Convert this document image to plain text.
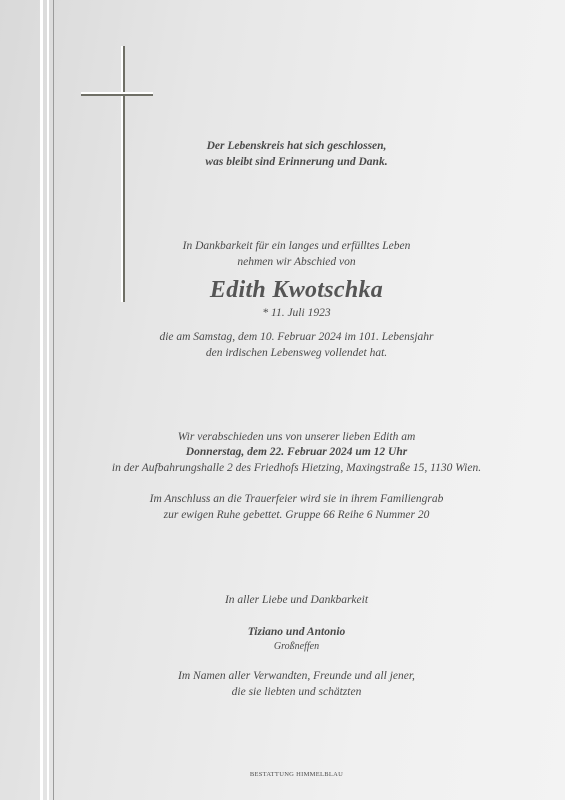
Der Lebenskreis hat sich geschlossen,
was bleibt sind Erinnerung und Dank.
In Dankbarkeit für ein langes und erfülltes Leben
nehmen wir Abschied von
Edith Kwotschka
* 11. Juli 1923
die am Samstag, dem 10. Februar 2024 im 101. Lebensjahr
den irdischen Lebensweg vollendet hat.
Wir verabschieden uns von unserer lieben Edith am
Donnerstag, dem 22. Februar 2024 um 12 Uhr
in der Aufbahrungshalle 2 des Friedhofs Hietzing, Maxingstraße 15, 1130 Wien.
Im Anschluss an die Trauerfeier wird sie in ihrem Familiengrab
zur ewigen Ruhe gebettet. Gruppe 66 Reihe 6 Nummer 20
In aller Liebe und Dankbarkeit
Tiziano und Antonio
Großneffen
Im Namen aller Verwandten, Freunde und all jener,
die sie liebten und schätzten
BESTATTUNG HIMMELBLAU
